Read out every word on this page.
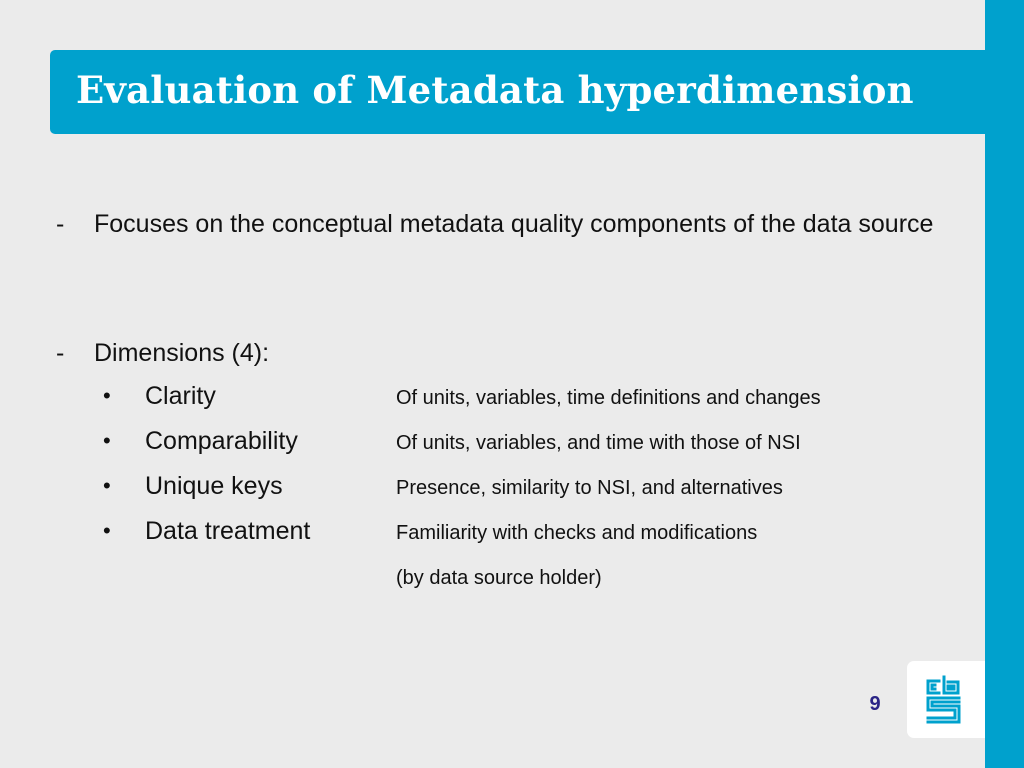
Evaluation of Metadata hyperdimension
- Focuses on the conceptual metadata quality components of the data source
- Dimensions (4):
• Clarity	Of units, variables, time definitions and changes
• Comparability	Of units, variables, and time with those of NSI
• Unique keys	Presence, similarity to NSI, and alternatives
• Data treatment	Familiarity with checks and modifications
(by data source holder)
9
